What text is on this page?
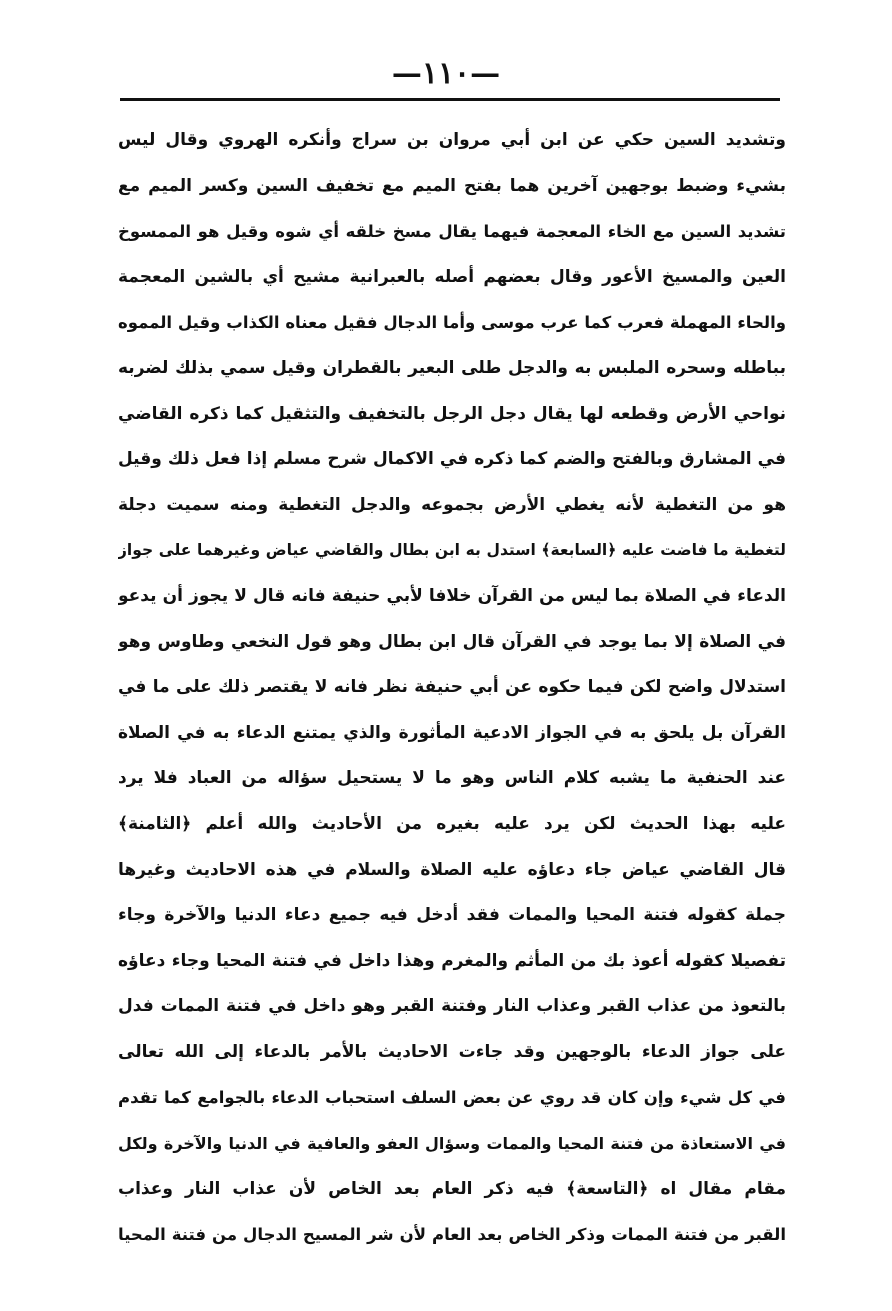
—١١٠—
وتشديد السين حكي عن ابن أبي مروان بن سراج وأنكره الهروي وقال ليس
بشيء وضبط بوجهين آخرين هما بفتح الميم مع تخفيف السين وكسر الميم مع
تشديد السين مع الخاء المعجمة فيهما يقال مسخ خلقه أي شوه وقيل هو الممسوخ
العين والمسيخ الأعور وقال بعضهم أصله بالعبرانية مشيح أي بالشين المعجمة
والحاء المهملة فعرب كما عرب موسى وأما الدجال فقيل معناه الكذاب وقيل المموه
بباطله وسحره الملبس به والدجل طلى البعير بالقطران وقيل سمي بذلك لضربه
نواحي الأرض وقطعه لها يقال دجل الرجل بالتخفيف والتثقيل كما ذكره القاضي
في المشارق وبالفتح والضم كما ذكره في الاكمال شرح مسلم إذا فعل ذلك وقيل
هو من التغطية لأنه يغطي الأرض بجموعه والدجل التغطية ومنه سميت دجلة
لتغطية ما فاضت عليه ﴿السابعة﴾ استدل به ابن بطال والقاضي عياض وغيرهما على جواز
الدعاء في الصلاة بما ليس من القرآن خلافا لأبي حنيفة فانه قال لا يجوز أن يدعو
في الصلاة إلا بما يوجد في القرآن قال ابن بطال وهو قول النخعي وطاوس وهو
استدلال واضح لكن فيما حكوه عن أبي حنيفة نظر فانه لا يقتصر ذلك على ما في
القرآن بل يلحق به في الجواز الادعية المأثورة والذي يمتنع الدعاء به في الصلاة
عند الحنفية ما يشبه كلام الناس وهو ما لا يستحيل سؤاله من العباد فلا يرد
عليه بهذا الحديث لكن يرد عليه بغيره من الأحاديث والله أعلم ﴿الثامنة﴾
قال القاضي عياض جاء دعاؤه عليه الصلاة والسلام في هذه الاحاديث وغيرها
جملة كقوله فتنة المحيا والممات فقد أدخل فيه جميع دعاء الدنيا والآخرة وجاء
تفصيلا كقوله أعوذ بك من المأثم والمغرم وهذا داخل في فتنة المحيا وجاء دعاؤه
بالتعوذ من عذاب القبر وعذاب النار وفتنة القبر وهو داخل في فتنة الممات فدل
على جواز الدعاء بالوجهين وقد جاءت الاحاديث بالأمر بالدعاء إلى الله تعالى
في كل شيء وإن كان قد روي عن بعض السلف استحباب الدعاء بالجوامع كما تقدم
في الاستعاذة من فتنة المحيا والممات وسؤال العفو والعافية في الدنيا والآخرة ولكل
مقام مقال اه ﴿التاسعة﴾ فيه ذكر العام بعد الخاص لأن عذاب النار وعذاب
القبر من فتنة الممات وذكر الخاص بعد العام لأن شر المسيح الدجال من فتنة المحيا
